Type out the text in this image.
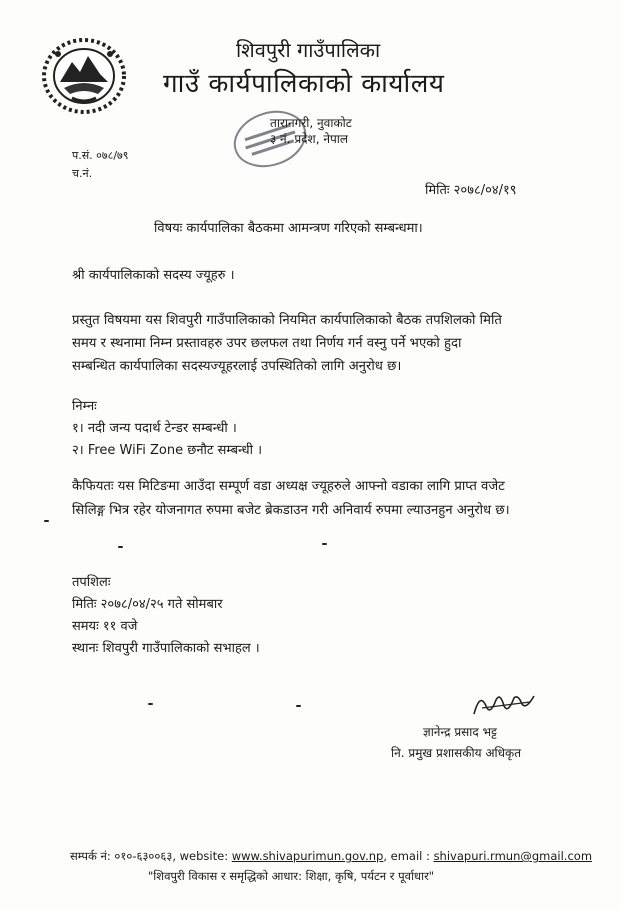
शिवपुरी गाउँपालिका
गाउँ कार्यपालिकाको कार्यालय
तारानगरी, नुवाकोट
३ नं. प्रदेश, नेपाल
प.सं. ०७८/७९
च.नं.
मितिः २०७८/०४/१९
विषयः कार्यपालिका बैठकमा आमन्त्रण गरिएको सम्बन्धमा।
श्री कार्यपालिकाको सदस्य ज्यूहरु ।
प्रस्तुत विषयमा यस शिवपुरी गाउँपालिकाको नियमित कार्यपालिकाको बैठक तपशिलको मिति
समय र स्थनामा निम्न प्रस्तावहरु उपर छलफल तथा निर्णय गर्न वस्नु पर्ने भएको हुदा
सम्बन्धित कार्यपालिका सदस्यज्यूहरलाई उपस्थितिको लागि अनुरोध छ।
निम्नः
१। नदी जन्य पदार्थ टेन्डर सम्बन्धी ।
२। Free WiFi Zone छनौट सम्बन्धी ।
कैफियतः यस मिटिङमा आउँदा सम्पूर्ण वडा अध्यक्ष ज्यूहरुले आफ्नो वडाका लागि प्राप्त वजेट
सिलिङ्ग भित्र रहेर योजनागत रुपमा बजेट ब्रेकडाउन गरी अनिवार्य रुपमा ल्याउनहुन अनुरोध छ।
तपशिलः
मितिः २०७८/०४/२५ गते सोमबार
समयः ११ वजे
स्थानः शिवपुरी गाउँपालिकाको सभाहल ।
ज्ञानेन्द्र प्रसाद भट्ट
नि. प्रमुख प्रशासकीय अधिकृत
सम्पर्क नं: ०१०-६३००६३, website: www.shivapurimun.gov.np, email : shivapuri.rmun@gmail.com
"शिवपुरी विकास र समृद्धिको आधार: शिक्षा, कृषि, पर्यटन र पूर्वाधार"
